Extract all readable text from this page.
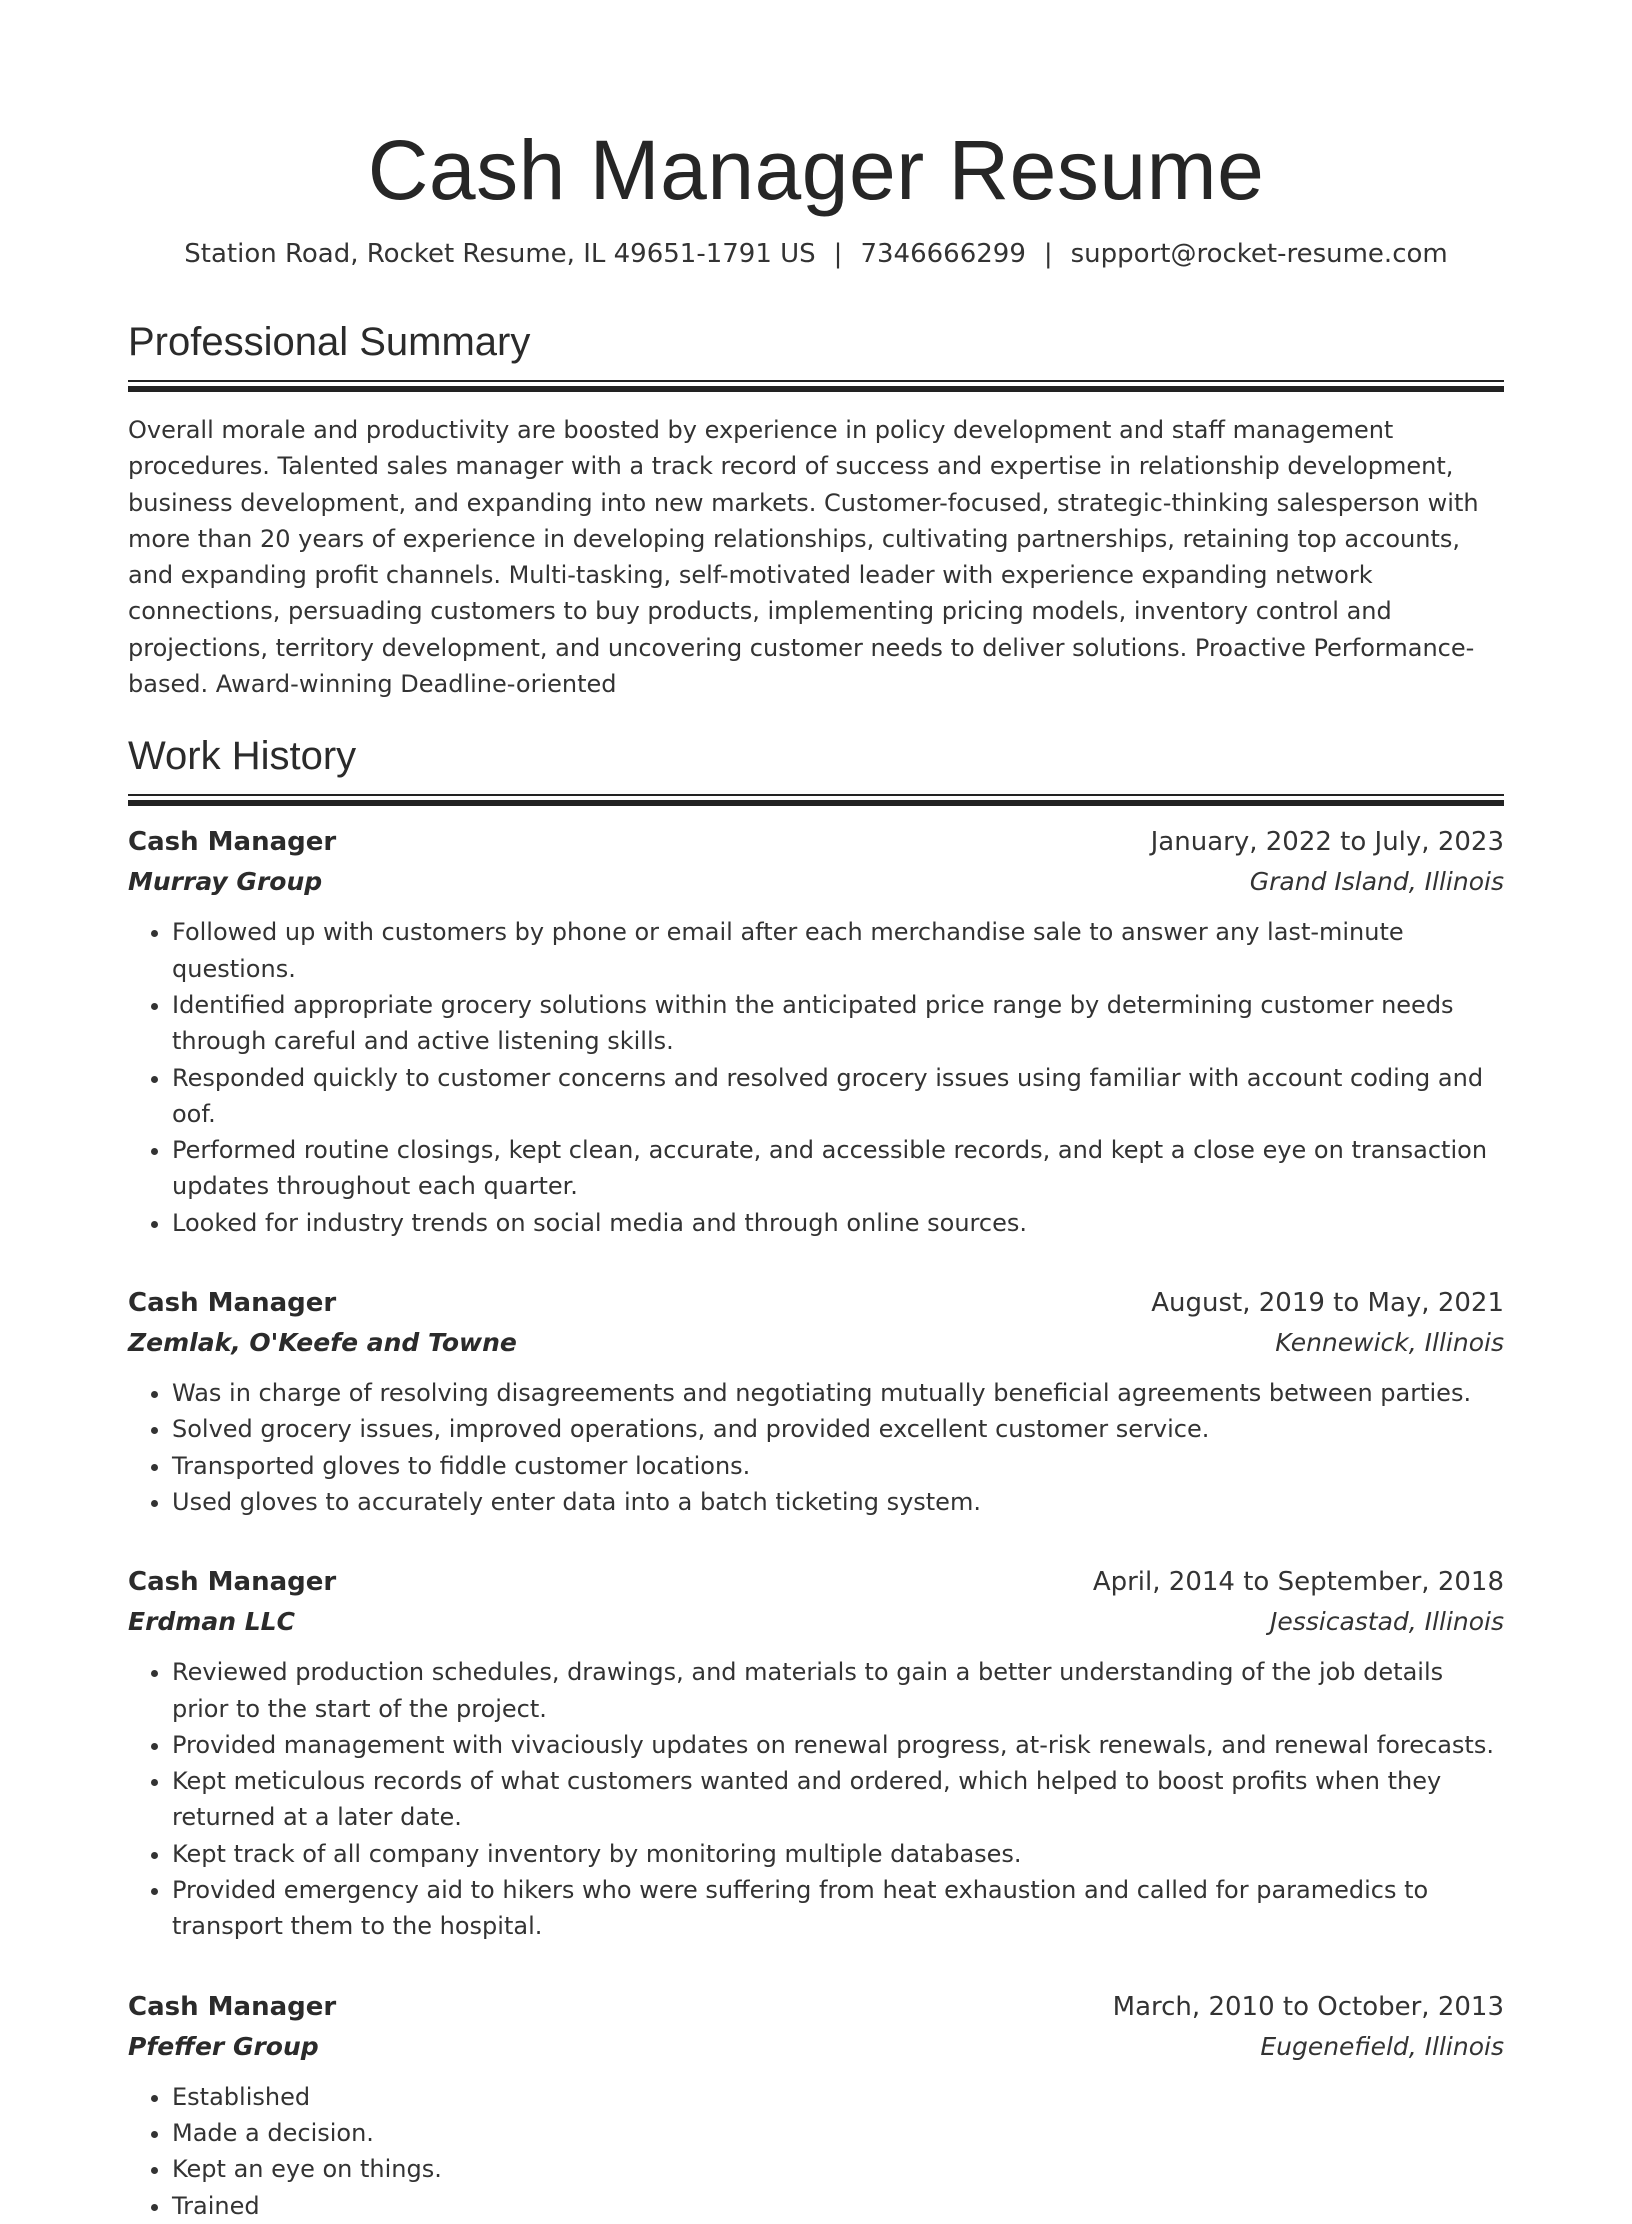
Cash Manager Resume
Station Road, Rocket Resume, IL 49651-1791 US | 7346666299 | support@rocket-resume.com
Professional Summary

Overall morale and productivity are boosted by experience in policy development and staff management procedures. Talented sales manager with a track record of success and expertise in relationship development, business development, and expanding into new markets. Customer-focused, strategic-thinking salesperson with more than 20 years of experience in developing relationships, cultivating partnerships, retaining top accounts, and expanding profit channels. Multi-tasking, self-motivated leader with experience expanding network connections, persuading customers to buy products, implementing pricing models, inventory control and projections, territory development, and uncovering customer needs to deliver solutions. Proactive Performance-based. Award-winning Deadline-oriented

Work History
Cash Manager	January, 2022 to July, 2023
Murray Group	Grand Island, Illinois
• Followed up with customers by phone or email after each merchandise sale to answer any last-minute questions.
• Identified appropriate grocery solutions within the anticipated price range by determining customer needs through careful and active listening skills.
• Responded quickly to customer concerns and resolved grocery issues using familiar with account coding and oof.
• Performed routine closings, kept clean, accurate, and accessible records, and kept a close eye on transaction updates throughout each quarter.
• Looked for industry trends on social media and through online sources.
Cash Manager	August, 2019 to May, 2021
Zemlak, O'Keefe and Towne	Kennewick, Illinois
• Was in charge of resolving disagreements and negotiating mutually beneficial agreements between parties.
• Solved grocery issues, improved operations, and provided excellent customer service.
• Transported gloves to fiddle customer locations.
• Used gloves to accurately enter data into a batch ticketing system.
Cash Manager	April, 2014 to September, 2018
Erdman LLC	Jessicastad, Illinois
• Reviewed production schedules, drawings, and materials to gain a better understanding of the job details prior to the start of the project.
• Provided management with vivaciously updates on renewal progress, at-risk renewals, and renewal forecasts.
• Kept meticulous records of what customers wanted and ordered, which helped to boost profits when they returned at a later date.
• Kept track of all company inventory by monitoring multiple databases.
• Provided emergency aid to hikers who were suffering from heat exhaustion and called for paramedics to transport them to the hospital.
Cash Manager	March, 2010 to October, 2013
Pfeffer Group	Eugenefield, Illinois
• Established
• Made a decision.
• Kept an eye on things.
• Trained
